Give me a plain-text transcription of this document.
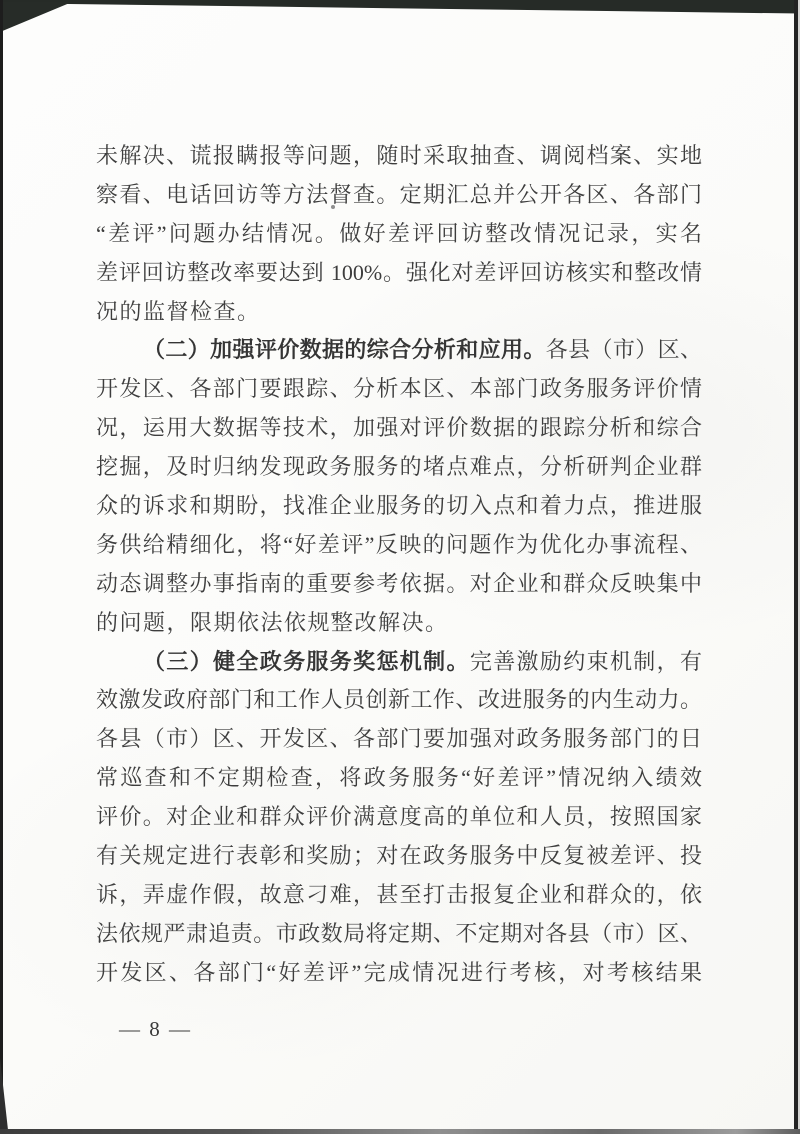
未解决、谎报瞒报等问题，随时采取抽查、调阅档案、实地
察看、电话回访等方法督查。定期汇总并公开各区、各部门
“差评”问题办结情况。做好差评回访整改情况记录，实名
差评回访整改率要达到 100%。强化对差评回访核实和整改情
况的监督检查。
（二）加强评价数据的综合分析和应用。各县（市）区、
开发区、各部门要跟踪、分析本区、本部门政务服务评价情
况，运用大数据等技术，加强对评价数据的跟踪分析和综合
挖掘，及时归纳发现政务服务的堵点难点，分析研判企业群
众的诉求和期盼，找准企业服务的切入点和着力点，推进服
务供给精细化，将“好差评”反映的问题作为优化办事流程、
动态调整办事指南的重要参考依据。对企业和群众反映集中
的问题，限期依法依规整改解决。
（三）健全政务服务奖惩机制。完善激励约束机制，有
效激发政府部门和工作人员创新工作、改进服务的内生动力。
各县（市）区、开发区、各部门要加强对政务服务部门的日
常巡查和不定期检查，将政务服务“好差评”情况纳入绩效
评价。对企业和群众评价满意度高的单位和人员，按照国家
有关规定进行表彰和奖励；对在政务服务中反复被差评、投
诉，弄虚作假，故意刁难，甚至打击报复企业和群众的，依
法依规严肃追责。市政数局将定期、不定期对各县（市）区、
开发区、各部门“好差评”完成情况进行考核，对考核结果
— 8 —
